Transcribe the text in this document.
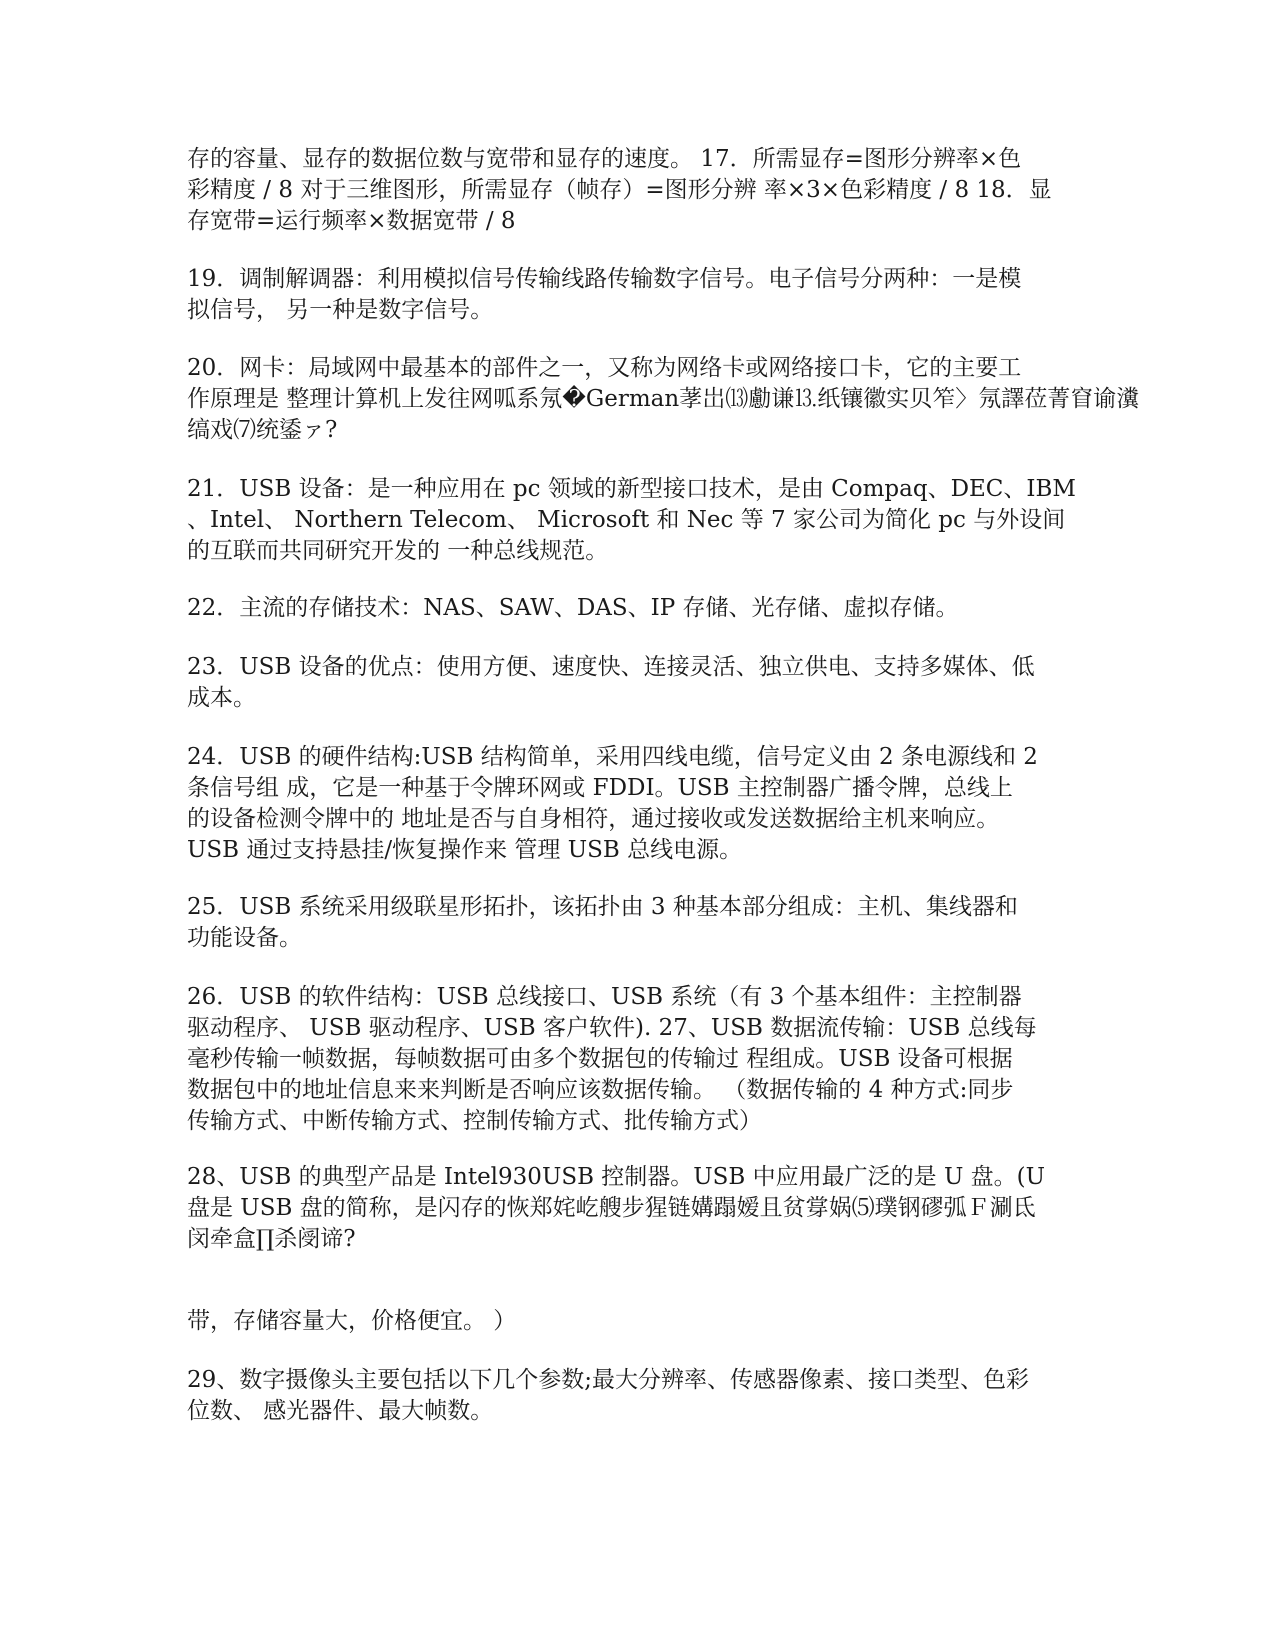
存的容量、显存的数据位数与宽带和显存的速度。 17．所需显存=图形分辨率×色
彩精度 / 8 对于三维图形，所需显存（帧存）=图形分辨 率×3×色彩精度 / 8 18．显
存宽带=运行频率×数据宽带 / 8

19．调制解调器：利用模拟信号传输线路传输数字信号。电子信号分两种：一是模
拟信号， 另一种是数字信号。

20．网卡：局域网中最基本的部件之一，又称为网络卡或网络接口卡，它的主要工
作原理是 整理计算机上发往网呱系氖�German䓔岀⒀勴谦⒔纸镶徽实贝笮〉氖譯莅菁窅谕瀵
缟戏⑺统鋈ァ?

21．USB 设备：是一种应用在 pc 领域的新型接口技术，是由 Compaq、DEC、IBM
、Intel、 Northern Telecom、 Microsoft 和 Nec 等 7 家公司为简化 pc 与外设间
的互联而共同研究开发的 一种总线规范。

22．主流的存储技术：NAS、SAW、DAS、IP 存储、光存储、虚拟存储。

23．USB 设备的优点：使用方便、速度快、连接灵活、独立供电、支持多媒体、低
成本。

24．USB 的硬件结构:USB 结构简单，采用四线电缆，信号定义由 2 条电源线和 2
条信号组 成，它是一种基于令牌环网或 FDDI。USB 主控制器广播令牌，总线上
的设备检测令牌中的 地址是否与自身相符，通过接收或发送数据给主机来响应。
USB 通过支持悬挂/恢复操作来 管理 USB 总线电源。

25．USB 系统采用级联星形拓扑，该拓扑由 3 种基本部分组成：主机、集线器和
功能设备。

26．USB 的软件结构：USB 总线接口、USB 系统（有 3 个基本组件：主控制器
驱动程序、 USB 驱动程序、USB 客户软件). 27、USB 数据流传输：USB 总线每
毫秒传输一帧数据，每帧数据可由多个数据包的传输过 程组成。USB 设备可根据
数据包中的地址信息来来判断是否响应该数据传输。 （数据传输的 4 种方式:同步
传输方式、中断传输方式、控制传输方式、批传输方式）

28、USB 的典型产品是 Intel930USB 控制器。USB 中应用最广泛的是 U 盘。(U
盘是 USB 盘的简称，是闪存的恢郑姹屹艘步猩链媾蹋嫒且贫牚娲⑸璞钢磟弧Ｆ涮氐
闵牵盒∏杀阌谛?

带，存储容量大，价格便宜。 ）

29、数字摄像头主要包括以下几个参数;最大分辨率、传感器像素、接口类型、色彩
位数、 感光器件、最大帧数。
